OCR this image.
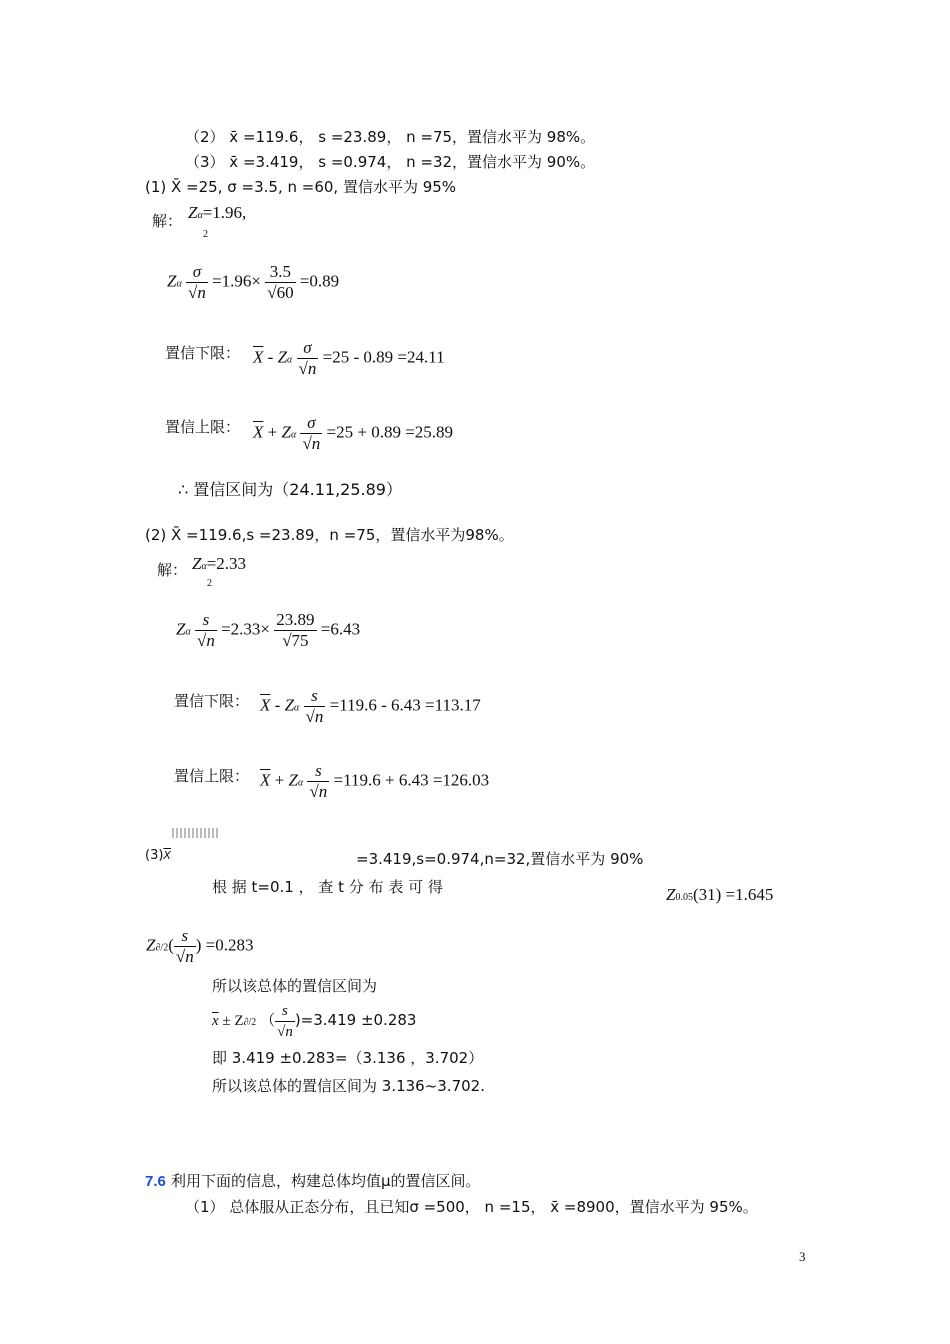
（2） x̄ =119.6， s =23.89， n =75，置信水平为 98%。
（3） x̄ =3.419， s =0.974， n =32，置信水平为 90%。
(1) X̄ =25, σ =3.5, n =60, 置信水平为 95%
解： Zα=1.96,
2
Zα $\frac{\sigma}{√n} =1.96\times \frac{3.5}{√60} =0.89$
置信下限： $\overline{X} - Z\alpha \frac{\sigma}{√n} =25 - 0.89 =24.11$
置信上限： $\overline{X} + Z\alpha \frac{\sigma}{√n} =25 + 0.89 =25.89$
∴ 置信区间为（24.11,25.89）
(2) X̄ =119.6,s =23.89，n =75，置信水平为98%。
解： Zα=2.33
2
Zα $\frac{s}{√n} =2.33\times \frac{23.89}{√75} =6.43$
置信下限： $\overline{X} - Z\alpha \frac{s}{√n} =119.6 - 6.43 =113.17$
置信上限： $\overline{X} + Z\alpha \frac{s}{√n} =119.6 + 6.43 =126.03$
$(3)\overline{X}$	=3.419,s=0.974,n=32,置信水平为 90%
根 据 t=0.1 ， 查 t 分 布 表 可 得	Z0.05(31) =1.645
$Z\partial/2( \frac{s}{√n}$ ) =0.283
所以该总体的置信区间为
$\overline{x} \pm Z\partial/2$ （ $\frac{s}{√n} )=3.419 \pm 0.283$
即 3.419 ±0.283=（3.136 ，3.702）
所以该总体的置信区间为 3.136~3.702.
7.6 利用下面的信息，构建总体均值μ的置信区间。
（1） 总体服从正态分布，且已知σ =500， n =15， x̄ =8900，置信水平为 95%。
3
